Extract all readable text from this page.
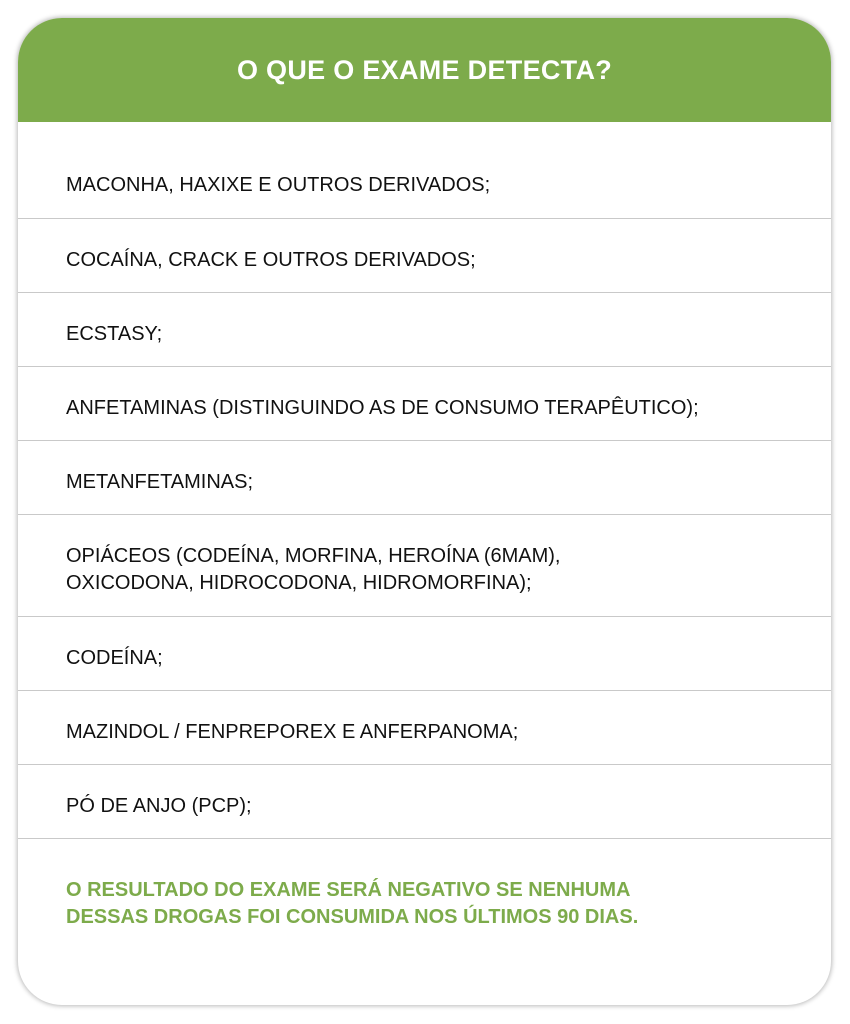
O QUE O EXAME DETECTA?
MACONHA, HAXIXE E OUTROS DERIVADOS;
COCAÍNA, CRACK E OUTROS DERIVADOS;
ECSTASY;
ANFETAMINAS (DISTINGUINDO AS DE CONSUMO TERAPÊUTICO);
METANFETAMINAS;
OPIÁCEOS (CODEÍNA, MORFINA, HEROÍNA (6MAM), OXICODONA, HIDROCODONA, HIDROMORFINA);
CODEÍNA;
MAZINDOL / FENPREPOREX E ANFERPANOMA;
PÓ DE ANJO (PCP);

O RESULTADO DO EXAME SERÁ NEGATIVO SE NENHUMA DESSAS DROGAS FOI CONSUMIDA NOS ÚLTIMOS 90 DIAS.
